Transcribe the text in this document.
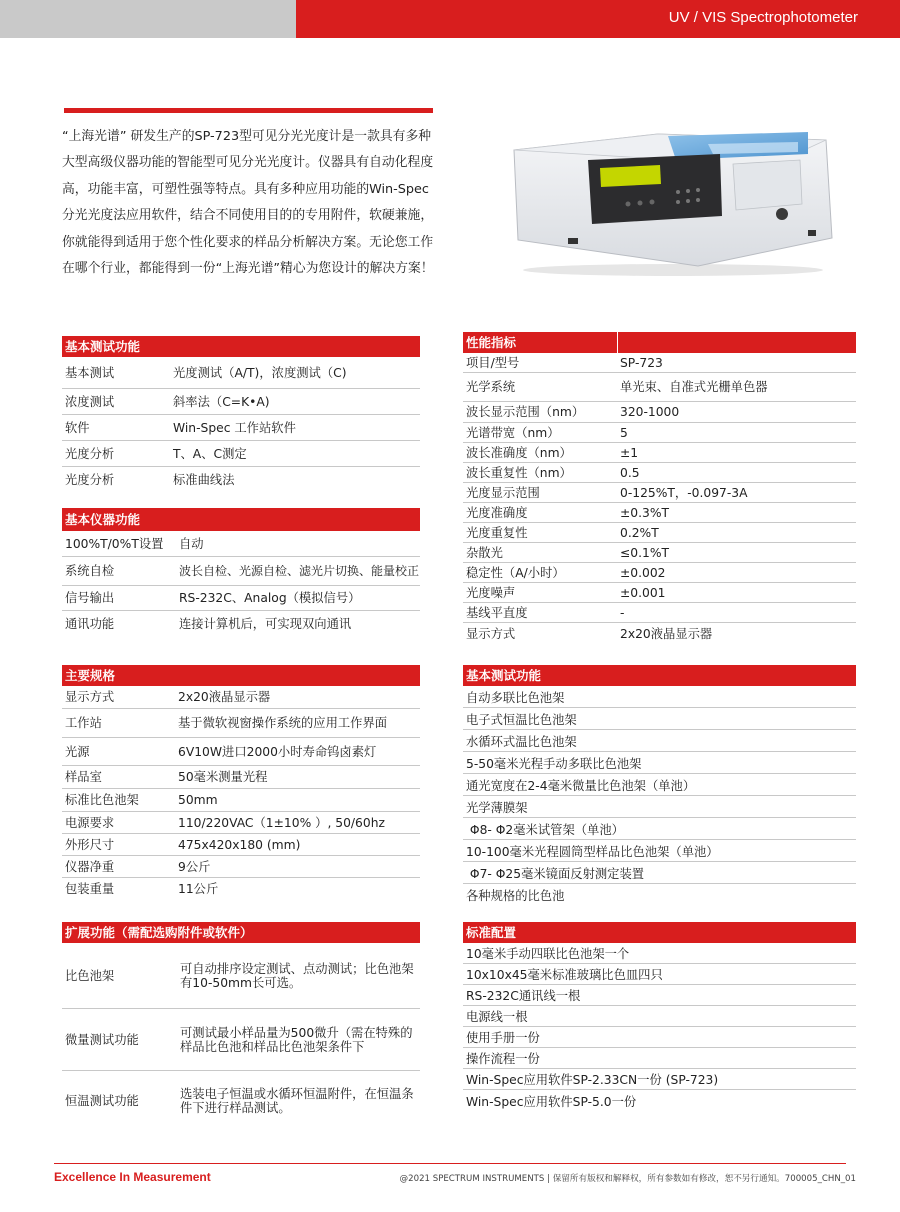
UV / VIS Spectrophotometer
“上海光谱” 研发生产的SP-723型可见分光光度计是一款具有多种大型高级仪器功能的智能型可见分光光度计。仪器具有自动化程度高，功能丰富，可塑性强等特点。具有多种应用功能的Win-Spec分光光度法应用软件，结合不同使用目的的专用附件，软硬兼施，你就能得到适用于您个性化要求的样品分析解决方案。无论您工作在哪个行业，都能得到一份“上海光谱”精心为您设计的解决方案！
基本测试功能
基本测试	光度测试（A/T)，浓度测试（C)
浓度测试	斜率法（C=K•A)
软件	Win-Spec 工作站软件
光度分析	T、A、C测定
光度分析	标准曲线法
基本仪器功能
100%T/0%T设置	自动
系统自检	波长自检、光源自检、滤光片切换、能量校正
信号输出	RS-232C、Analog（模拟信号）
通讯功能	连接计算机后，可实现双向通讯
主要规格
显示方式	2x20液晶显示器
工作站	基于微软视窗操作系统的应用工作界面
光源	6V10W进口2000小时寿命钨卤素灯
样品室	50毫米测量光程
标准比色池架	50mm
电源要求	110/220VAC（1±10% ）, 50/60hz
外形尺寸	475x420x180 (mm)
仪器净重	9公斤
包装重量	11公斤
扩展功能（需配选购附件或软件）
比色池架	可自动排序设定测试、点动测试；比色池架有10-50mm长可选。
微量测试功能	可测试最小样品量为500微升（需在特殊的样品比色池和样品比色池架条件下
恒温测试功能	选装电子恒温或水循环恒温附件，在恒温条件下进行样品测试。
性能指标
项目/型号	SP-723
光学系统	单光束、自准式光栅单色器
波长显示范围（nm）	320-1000
光谱带宽（nm）	5
波长准确度（nm）	±1
波长重复性（nm）	0.5
光度显示范围	0-125%T，-0.097-3A
光度准确度	±0.3%T
光度重复性	0.2%T
杂散光	≤0.1%T
稳定性（A/小时）	±0.002
光度噪声	±0.001
基线平直度	-
显示方式	2x20液晶显示器
基本测试功能
自动多联比色池架
电子式恒温比色池架
水循环式温比色池架
5-50毫米光程手动多联比色池架
通光宽度在2-4毫米微量比色池架（单池）
光学薄膜架
Φ8- Φ2毫米试管架（单池）
10-100毫米光程圆筒型样品比色池架（单池）
Φ7- Φ25毫米镜面反射测定装置
各种规格的比色池
标准配置
10毫米手动四联比色池架一个
10x10x45毫米标准玻璃比色皿四只
RS-232C通讯线一根
电源线一根
使用手册一份
操作流程一份
Win-Spec应用软件SP-2.33CN一份 (SP-723)
Win-Spec应用软件SP-5.0一份
Excellence In Measurement	@2021 SPECTRUM INSTRUMENTS | 保留所有版权和解释权，所有参数如有修改，恕不另行通知。700005_CHN_01
